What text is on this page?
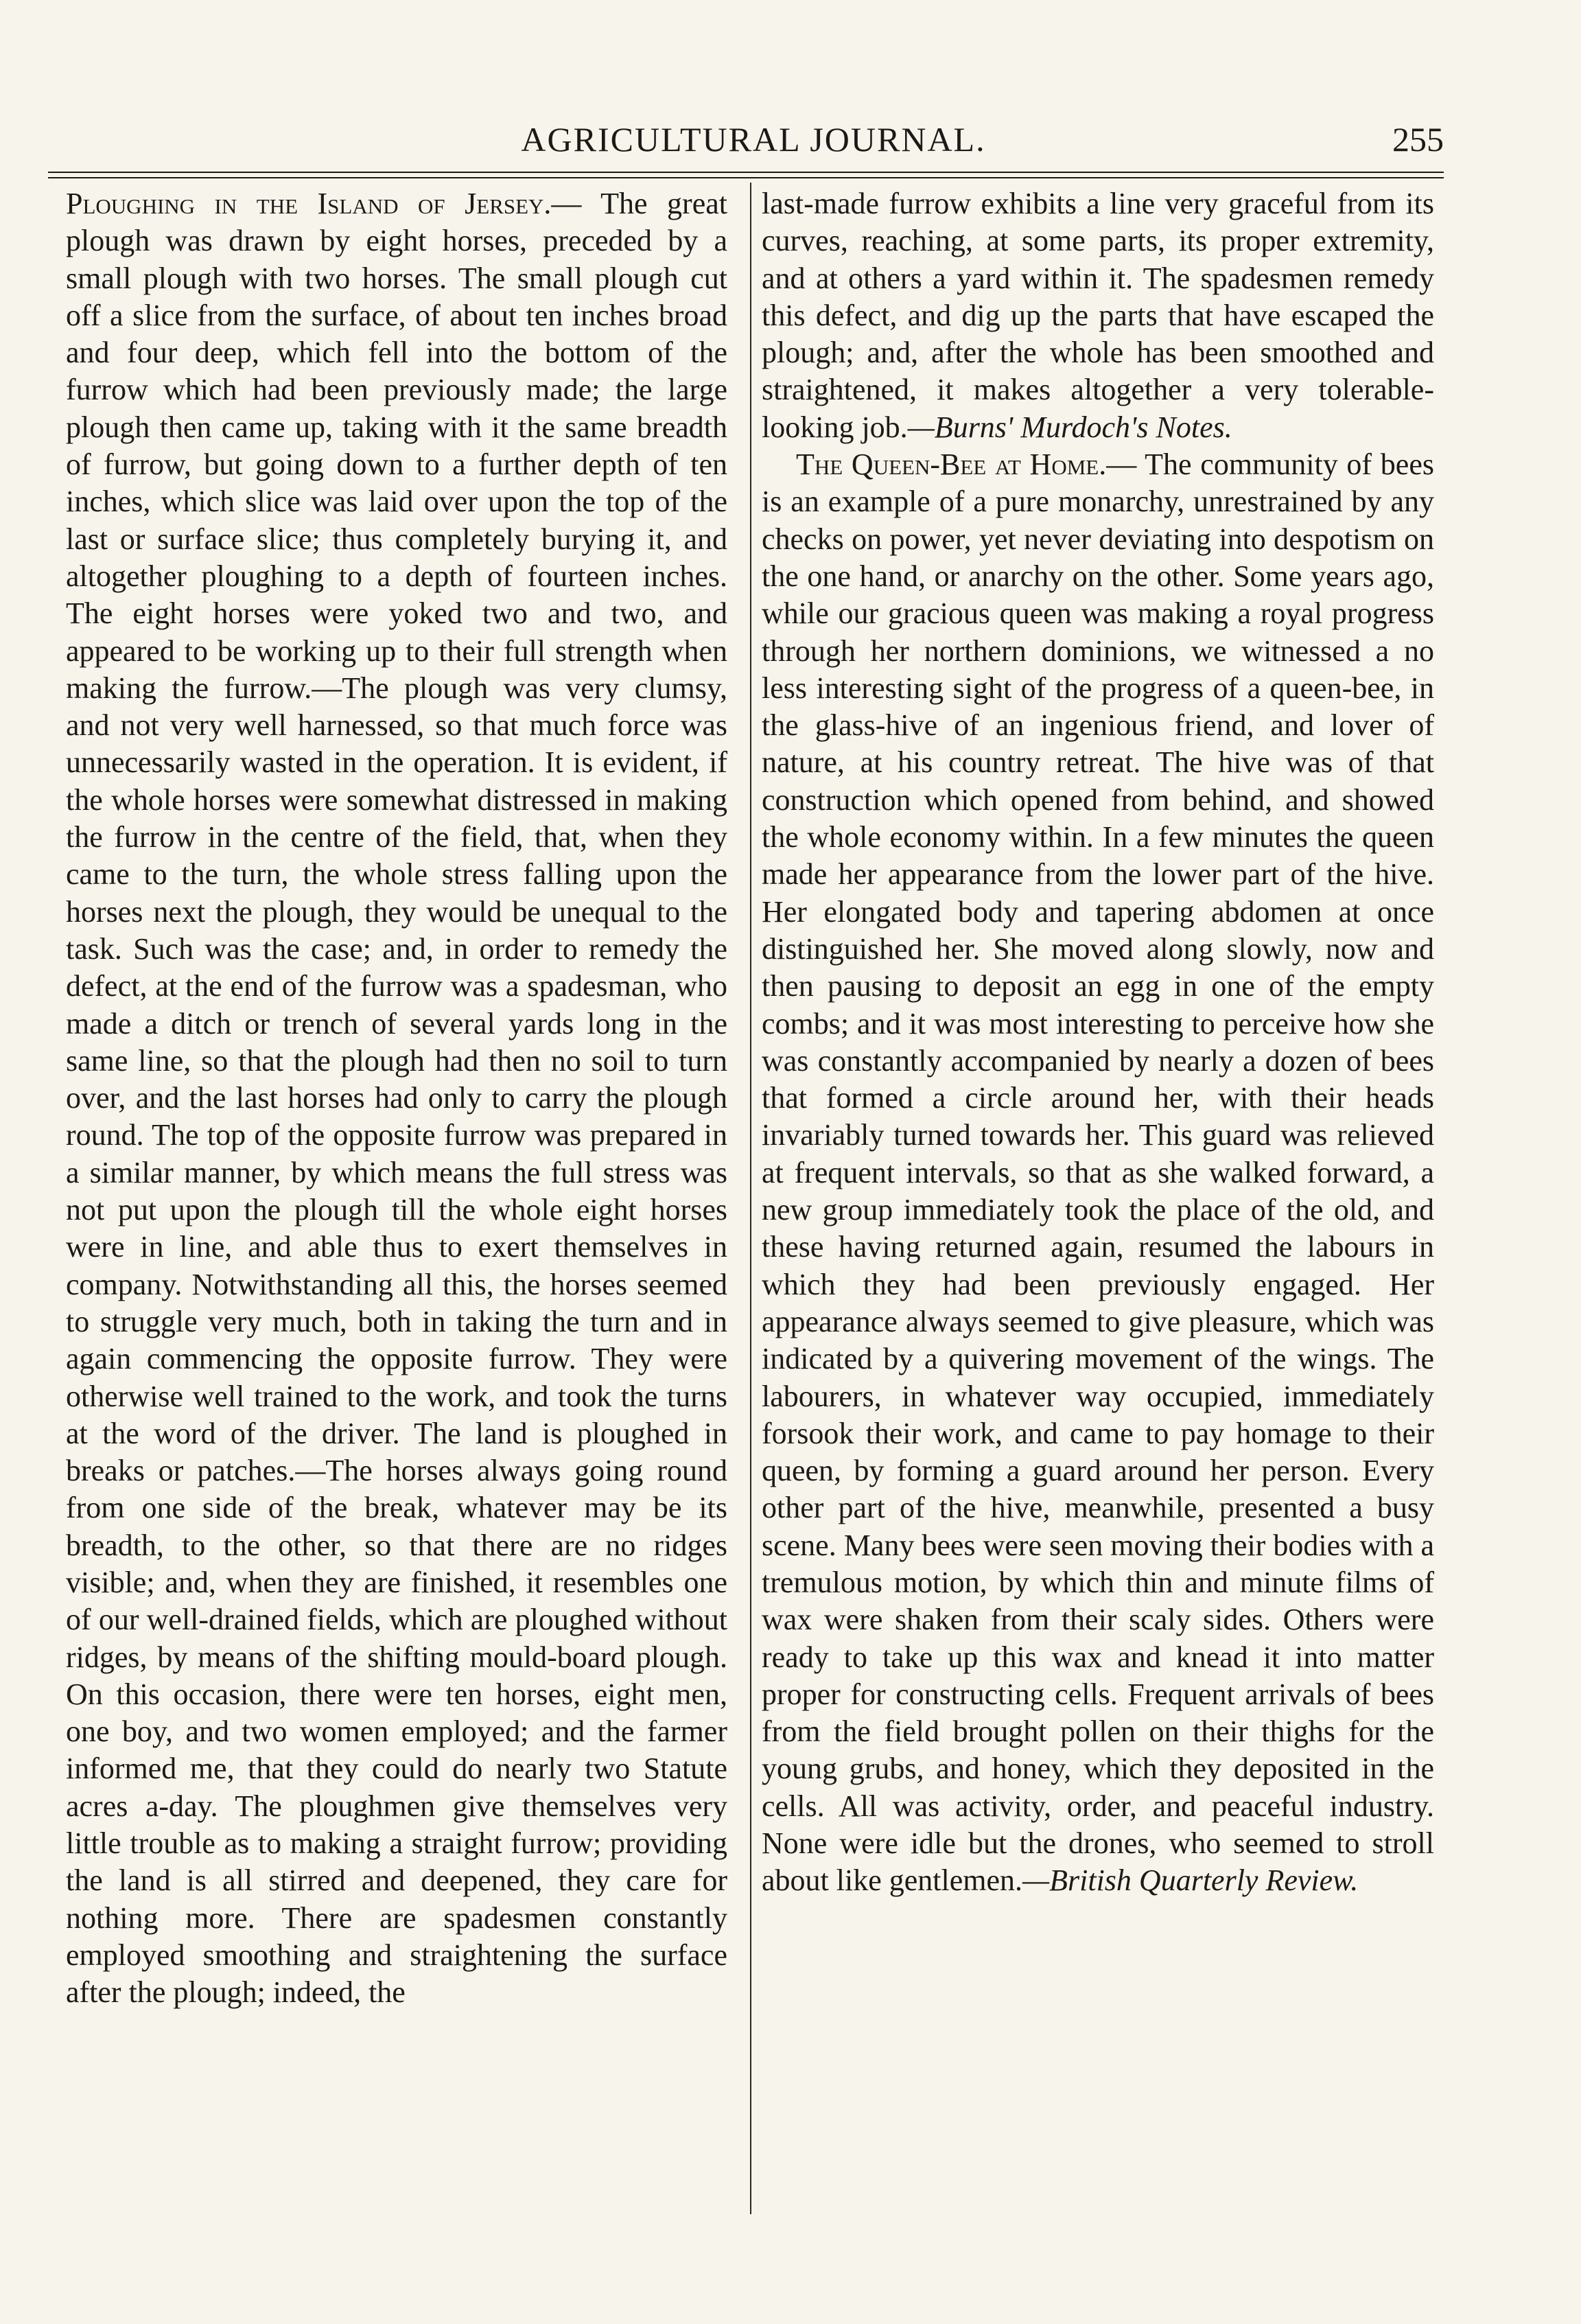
AGRICULTURAL JOURNAL.	255

Ploughing in the Island of Jersey.— The great plough was drawn by eight horses, preceded by a small plough with two horses. The small plough cut off a slice from the surface, of about ten inches broad and four deep, which fell into the bottom of the furrow which had been previously made; the large plough then came up, taking with it the same breadth of furrow, but going down to a further depth of ten inches, which slice was laid over upon the top of the last or surface slice; thus completely burying it, and altogether ploughing to a depth of fourteen inches. The eight horses were yoked two and two, and appeared to be working up to their full strength when making the furrow.—The plough was very clumsy, and not very well harnessed, so that much force was unnecessarily wasted in the operation. It is evident, if the whole horses were somewhat distressed in making the furrow in the centre of the field, that, when they came to the turn, the whole stress falling upon the horses next the plough, they would be unequal to the task. Such was the case; and, in order to remedy the defect, at the end of the furrow was a spadesman, who made a ditch or trench of several yards long in the same line, so that the plough had then no soil to turn over, and the last horses had only to carry the plough round. The top of the opposite furrow was prepared in a similar manner, by which means the full stress was not put upon the plough till the whole eight horses were in line, and able thus to exert themselves in company. Notwithstanding all this, the horses seemed to struggle very much, both in taking the turn and in again commencing the opposite furrow. They were otherwise well trained to the work, and took the turns at the word of the driver. The land is ploughed in breaks or patches.—The horses always going round from one side of the break, whatever may be its breadth, to the other, so that there are no ridges visible; and, when they are finished, it resembles one of our well-drained fields, which are ploughed without ridges, by means of the shifting mould-board plough. On this occasion, there were ten horses, eight men, one boy, and two women employed; and the farmer informed me, that they could do nearly two Statute acres a-day. The ploughmen give themselves very little trouble as to making a straight furrow; providing the land is all stirred and deepened, they care for nothing more. There are spadesmen constantly employed smoothing and straightening the surface after the plough; indeed, the

last-made furrow exhibits a line very graceful from its curves, reaching, at some parts, its proper extremity, and at others a yard within it. The spadesmen remedy this defect, and dig up the parts that have escaped the plough; and, after the whole has been smoothed and straightened, it makes altogether a very tolerable-looking job.—Burns' Murdoch's Notes.

The Queen-Bee at Home.— The community of bees is an example of a pure monarchy, unrestrained by any checks on power, yet never deviating into despotism on the one hand, or anarchy on the other. Some years ago, while our gracious queen was making a royal progress through her northern dominions, we witnessed a no less interesting sight of the progress of a queen-bee, in the glass-hive of an ingenious friend, and lover of nature, at his country retreat. The hive was of that construction which opened from behind, and showed the whole economy within. In a few minutes the queen made her appearance from the lower part of the hive. Her elongated body and tapering abdomen at once distinguished her. She moved along slowly, now and then pausing to deposit an egg in one of the empty combs; and it was most interesting to perceive how she was constantly accompanied by nearly a dozen of bees that formed a circle around her, with their heads invariably turned towards her. This guard was relieved at frequent intervals, so that as she walked forward, a new group immediately took the place of the old, and these having returned again, resumed the labours in which they had been previously engaged. Her appearance always seemed to give pleasure, which was indicated by a quivering movement of the wings. The labourers, in whatever way occupied, immediately forsook their work, and came to pay homage to their queen, by forming a guard around her person. Every other part of the hive, meanwhile, presented a busy scene. Many bees were seen moving their bodies with a tremulous motion, by which thin and minute films of wax were shaken from their scaly sides. Others were ready to take up this wax and knead it into matter proper for constructing cells. Frequent arrivals of bees from the field brought pollen on their thighs for the young grubs, and honey, which they deposited in the cells. All was activity, order, and peaceful industry. None were idle but the drones, who seemed to stroll about like gentlemen.—British Quarterly Review.
